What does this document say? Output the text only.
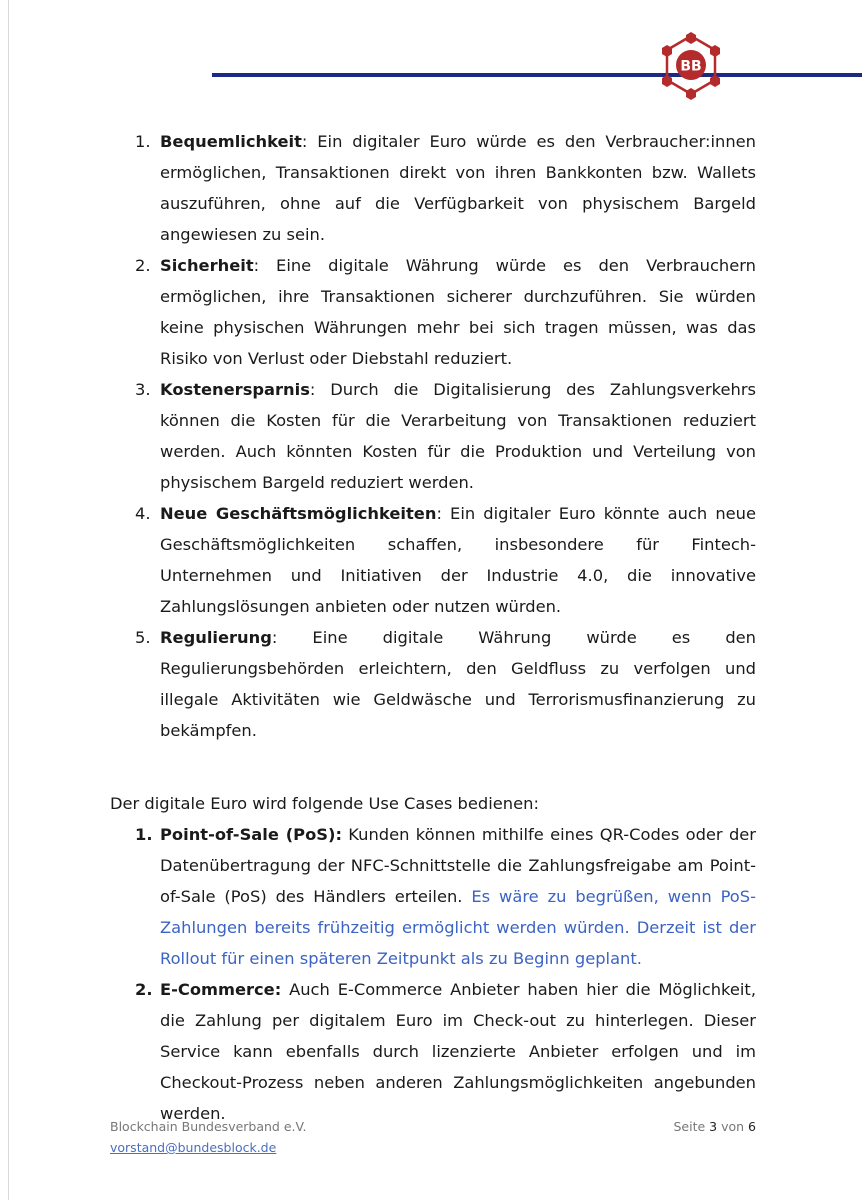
BB
1. Bequemlichkeit: Ein digitaler Euro würde es den Verbraucher:innen ermöglichen, Transaktionen direkt von ihren Bankkonten bzw. Wallets auszuführen, ohne auf die Verfügbarkeit von physischem Bargeld angewiesen zu sein.
2. Sicherheit: Eine digitale Währung würde es den Verbrauchern ermöglichen, ihre Transaktionen sicherer durchzuführen. Sie würden keine physischen Währungen mehr bei sich tragen müssen, was das Risiko von Verlust oder Diebstahl reduziert.
3. Kostenersparnis: Durch die Digitalisierung des Zahlungsverkehrs können die Kosten für die Verarbeitung von Transaktionen reduziert werden. Auch könnten Kosten für die Produktion und Verteilung von physischem Bargeld reduziert werden.
4. Neue Geschäftsmöglichkeiten: Ein digitaler Euro könnte auch neue Geschäftsmöglichkeiten schaffen, insbesondere für Fintech-Unternehmen und Initiativen der Industrie 4.0, die innovative Zahlungslösungen anbieten oder nutzen würden.
5. Regulierung: Eine digitale Währung würde es den Regulierungsbehörden erleichtern, den Geldfluss zu verfolgen und illegale Aktivitäten wie Geldwäsche und Terrorismusfinanzierung zu bekämpfen.

Der digitale Euro wird folgende Use Cases bedienen:

1. Point-of-Sale (PoS): Kunden können mithilfe eines QR-Codes oder der Datenübertragung der NFC-Schnittstelle die Zahlungsfreigabe am Point-of-Sale (PoS) des Händlers erteilen. Es wäre zu begrüßen, wenn PoS-Zahlungen bereits frühzeitig ermöglicht werden würden. Derzeit ist der Rollout für einen späteren Zeitpunkt als zu Beginn geplant.
2. E-Commerce: Auch E-Commerce Anbieter haben hier die Möglichkeit, die Zahlung per digitalem Euro im Check-out zu hinterlegen. Dieser Service kann ebenfalls durch lizenzierte Anbieter erfolgen und im Checkout-Prozess neben anderen Zahlungsmöglichkeiten angebunden werden.
Blockchain Bundesverband e.V.
vorstand@bundesblock.de
Seite 3 von 6
